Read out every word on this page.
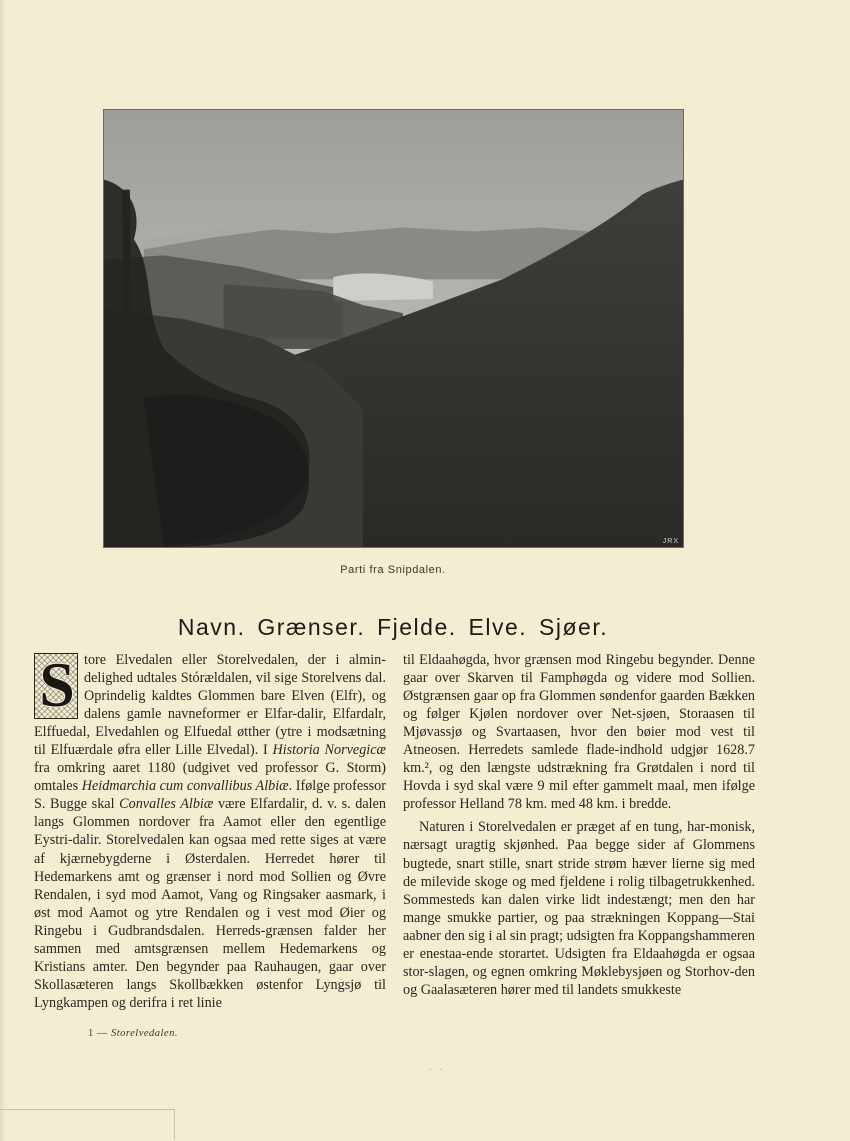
JRX
Parti fra Snipdalen.
Navn. Grænser. Fjelde. Elve. Sjøer.

S tore Elvedalen eller Storelvedalen, der i almin-delighed udtales Stórældalen, vil sige Storelvens dal. Oprindelig kaldtes Glommen bare Elven (Elfr), og dalens gamle navneformer er Elfar-dalir, Elfardalr, Elffuedal, Elvedahlen og Elfuedal øtther (ytre i modsætning til Elfuærdale øfra eller Lille Elvedal). I Historia Norvegicæ fra omkring aaret 1180 (udgivet ved professor G. Storm) omtales Heidmarchia cum convallibus Albiæ. Ifølge professor S. Bugge skal Convalles Albiæ være Elfardalir, d. v. s. dalen langs Glommen nordover fra Aamot eller den egentlige Eystri-dalir. Storelvedalen kan ogsaa med rette siges at være af kjærnebygderne i Østerdalen. Herredet hører til Hedemarkens amt og grænser i nord mod Sollien og Øvre Rendalen, i syd mod Aamot, Vang og Ringsaker aasmark, i øst mod Aamot og ytre Rendalen og i vest mod Øier og Ringebu i Gudbrandsdalen. Herreds-grænsen falder her sammen med amtsgrænsen mellem Hedemarkens og Kristians amter. Den begynder paa Rauhaugen, gaar over Skollasæteren langs Skollbækken østenfor Lyngsjø til Lyngkampen og derifra i ret linie

til Eldaahøgda, hvor grænsen mod Ringebu begynder. Denne gaar over Skarven til Famphøgda og videre mod Sollien. Østgrænsen gaar op fra Glommen søndenfor gaarden Bækken og følger Kjølen nordover over Net-sjøen, Storaasen til Mjøvassjø og Svartaasen, hvor den bøier mod vest til Atneosen. Herredets samlede flade-indhold udgjør 1628.7 km.², og den længste udstrækning fra Grøtdalen i nord til Hovda i syd skal være 9 mil efter gammelt maal, men ifølge professor Helland 78 km. med 48 km. i bredde.

Naturen i Storelvedalen er præget af en tung, har-monisk, nærsagt uragtig skjønhed. Paa begge sider af Glommens bugtede, snart stille, snart stride strøm hæver lierne sig med de milevide skoge og med fjeldene i rolig tilbagetrukkenhed. Sommesteds kan dalen virke lidt indestængt; men den har mange smukke partier, og paa strækningen Koppang—Stai aabner den sig i al sin pragt; udsigten fra Koppangshammeren er enestaa-ende storartet. Udsigten fra Eldaahøgda er ogsaa stor-slagen, og egnen omkring Møklebysjøen og Storhov-den og Gaalasæteren hører med til landets smukkeste

1 — Storelvedalen.
· ·
